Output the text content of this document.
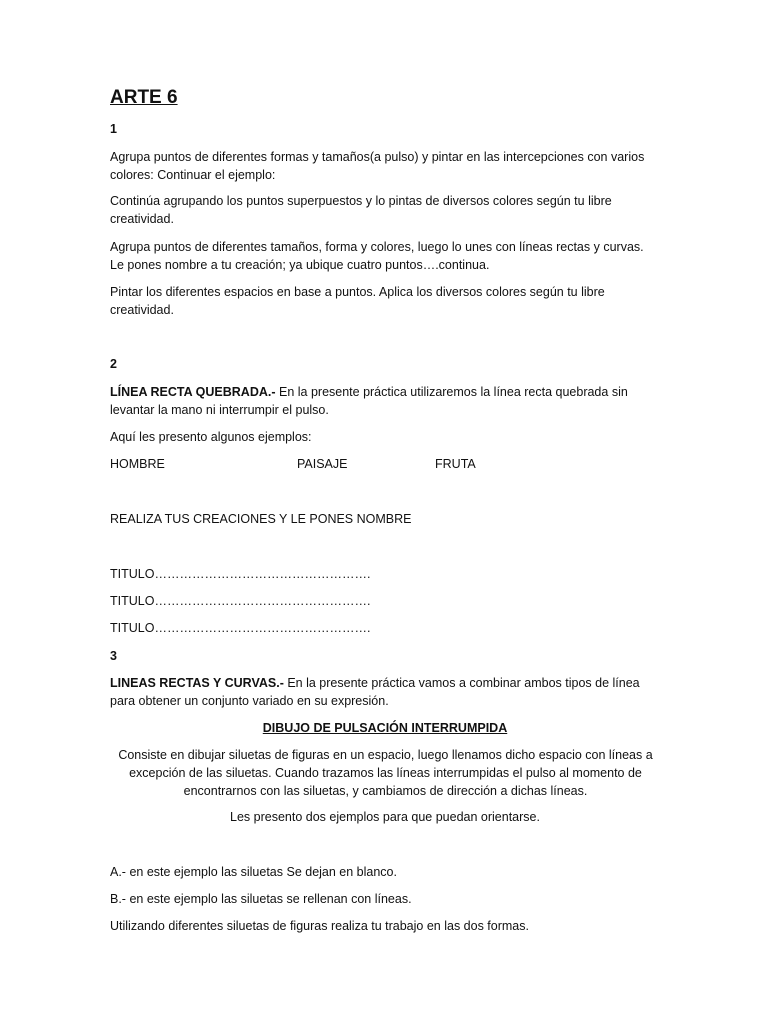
ARTE 6

1

Agrupa puntos de diferentes formas y tamaños(a pulso) y pintar en las intercepciones con varios colores: Continuar el ejemplo:

Continúa agrupando los puntos superpuestos y lo pintas de diversos colores según tu libre creatividad.

Agrupa puntos de diferentes tamaños, forma y colores, luego lo unes con líneas rectas y curvas. Le pones nombre a tu creación; ya ubique cuatro puntos….continua.

Pintar los diferentes espacios en base a puntos. Aplica los diversos colores según tu libre creatividad.

2

LÍNEA RECTA QUEBRADA.- En la presente práctica utilizaremos la línea recta quebrada sin levantar la mano ni interrumpir el pulso.

Aquí les presento algunos ejemplos:

HOMBRE	PAISAJE	FRUTA

REALIZA TUS CREACIONES Y LE PONES NOMBRE

TITULO…………………………………………….

TITULO…………………………………………….

TITULO…………………………………………….

3

LINEAS RECTAS Y CURVAS.- En la presente práctica vamos a combinar ambos tipos de línea para obtener un conjunto variado en su expresión.

DIBUJO DE PULSACIÓN INTERRUMPIDA

Consiste en dibujar siluetas de figuras en un espacio, luego llenamos dicho espacio con líneas a excepción de las siluetas. Cuando trazamos las líneas interrumpidas el pulso al momento de encontrarnos con las siluetas, y cambiamos de dirección a dichas líneas.

Les presento dos ejemplos para que puedan orientarse.

A.- en este ejemplo las siluetas Se dejan en blanco.

B.- en este ejemplo las siluetas se rellenan con líneas.

Utilizando diferentes siluetas de figuras realiza tu trabajo en las dos formas.
